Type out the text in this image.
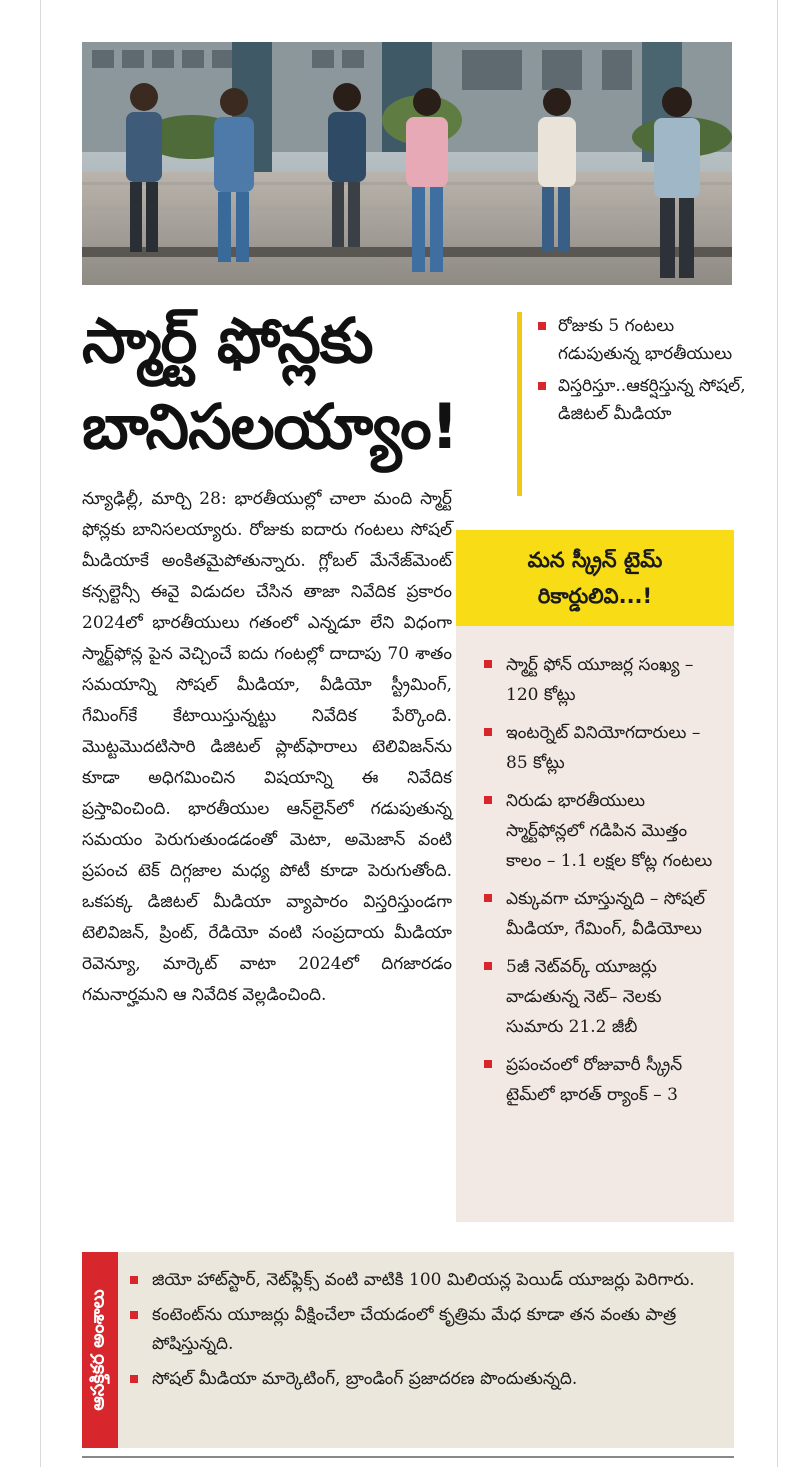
స్మార్ట్ ఫోన్లకు
బానిసలయ్యాం!
రోజుకు 5 గంటలు గడుపుతున్న భారతీయులు
విస్తరిస్తూ..ఆకర్షిస్తున్న సోషల్, డిజిటల్ మీడియా

న్యూఢిల్లీ, మార్చి 28: భారతీయుల్లో చాలా మంది స్మార్ట్ ఫోన్లకు బానిసలయ్యారు. రోజుకు ఐదారు గంటలు సోషల్ మీడియాకే అంకితమైపోతున్నారు. గ్లోబల్ మేనేజ్‌మెంట్ కన్సల్టెన్సీ ఈవై విడుదల చేసిన తాజా నివేదిక ప్రకారం 2024లో భారతీయులు గతంలో ఎన్నడూ లేని విధంగా స్మార్ట్‌ఫోన్ల పైన వెచ్చించే ఐదు గంటల్లో దాదాపు 70 శాతం సమయాన్ని సోషల్ మీడియా, వీడియో స్ట్రీమింగ్, గేమింగ్‌కే కేటాయిస్తున్నట్టు నివేదిక పేర్కొంది. మొట్టమొదటిసారి డిజిటల్ ప్లాట్‌ఫారాలు టెలివిజన్‌ను కూడా అధిగమించిన విషయాన్ని ఈ నివేదిక ప్రస్తావించింది. భారతీయుల ఆన్‌లైన్‌లో గడుపుతున్న సమయం పెరుగుతుండడంతో మెటా, అమెజాన్ వంటి ప్రపంచ టెక్ దిగ్గజాల మధ్య పోటీ కూడా పెరుగుతోంది. ఒకపక్క డిజిటల్ మీడియా వ్యాపారం విస్తరిస్తుండగా టెలివిజన్, ప్రింట్, రేడియో వంటి సంప్రదాయ మీడియా రెవెన్యూ, మార్కెట్ వాటా 2024లో దిగజారడం గమనార్హమని ఆ నివేదిక వెల్లడించింది.

మన స్క్రీన్ టైమ్
రికార్డులివి...!
స్మార్ట్ ఫోన్ యూజర్ల సంఖ్య – 120 కోట్లు
ఇంటర్నెట్ వినియోగదారులు – 85 కోట్లు
నిరుడు భారతీయులు స్మార్ట్‌ఫోన్లలో గడిపిన మొత్తం కాలం – 1.1 లక్షల కోట్ల గంటలు
ఎక్కువగా చూస్తున్నది – సోషల్ మీడియా, గేమింగ్, వీడియోలు
5జీ నెట్‌వర్క్ యూజర్లు వాడుతున్న నెట్– నెలకు సుమారు 21.2 జీబీ
ప్రపంచంలో రోజువారీ స్క్రీన్ టైమ్‌లో భారత్ ర్యాంక్ – 3
ఆసక్తికర అంశాలు
జియో హాట్‌స్టార్, నెట్‌ఫ్లిక్స్ వంటి వాటికి 100 మిలియన్ల పెయిడ్ యూజర్లు పెరిగారు.
కంటెంట్‌ను యూజర్లు వీక్షించేలా చేయడంలో కృత్రిమ మేధ కూడా తన వంతు పాత్ర పోషిస్తున్నది.
సోషల్ మీడియా మార్కెటింగ్, బ్రాండింగ్ ప్రజాదరణ పొందుతున్నది.
